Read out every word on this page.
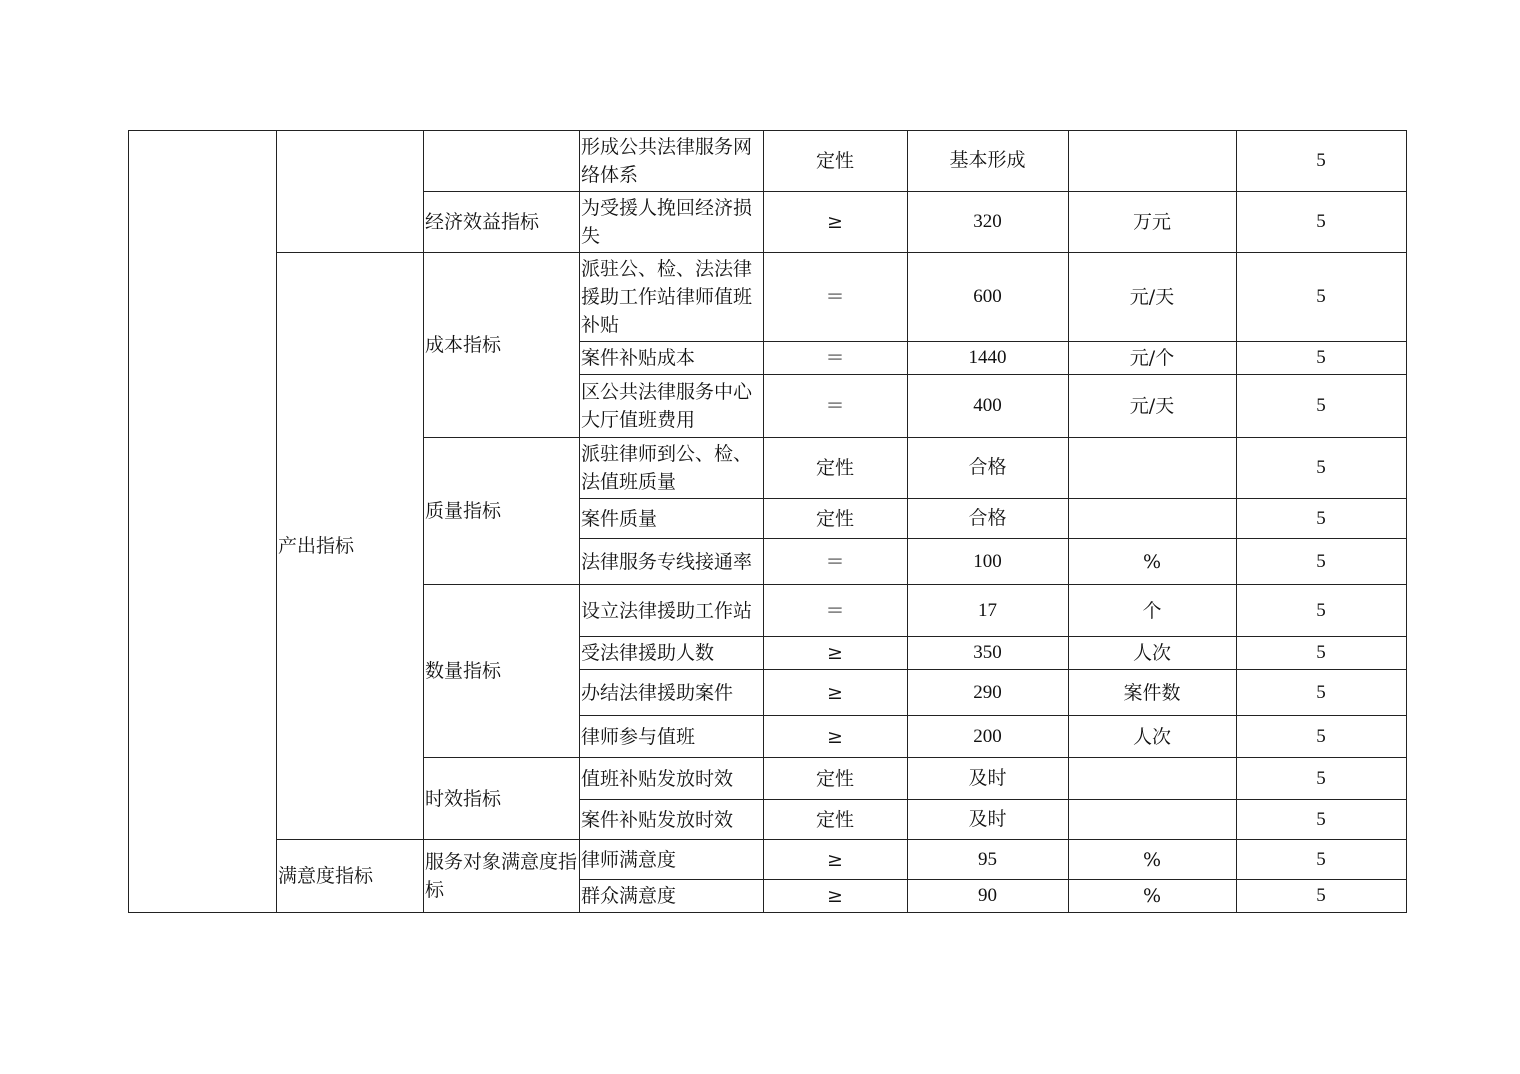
			形成公共法律服务网络体系	定性	基本形成		5
		经济效益指标	为受援人挽回经济损失	≥	320	万元	5
	产出指标	成本指标	派驻公、检、法法律援助工作站律师值班补贴	＝	600	元/天	5
			案件补贴成本	＝	1440	元/个	5
			区公共法律服务中心大厅值班费用	＝	400	元/天	5
		质量指标	派驻律师到公、检、法值班质量	定性	合格		5
			案件质量	定性	合格		5
			法律服务专线接通率	＝	100	%	5
		数量指标	设立法律援助工作站	＝	17	个	5
			受法律援助人数	≥	350	人次	5
			办结法律援助案件	≥	290	案件数	5
			律师参与值班	≥	200	人次	5
		时效指标	值班补贴发放时效	定性	及时		5
			案件补贴发放时效	定性	及时		5
	满意度指标	服务对象满意度指标	律师满意度	≥	95	%	5
			群众满意度	≥	90	%	5
